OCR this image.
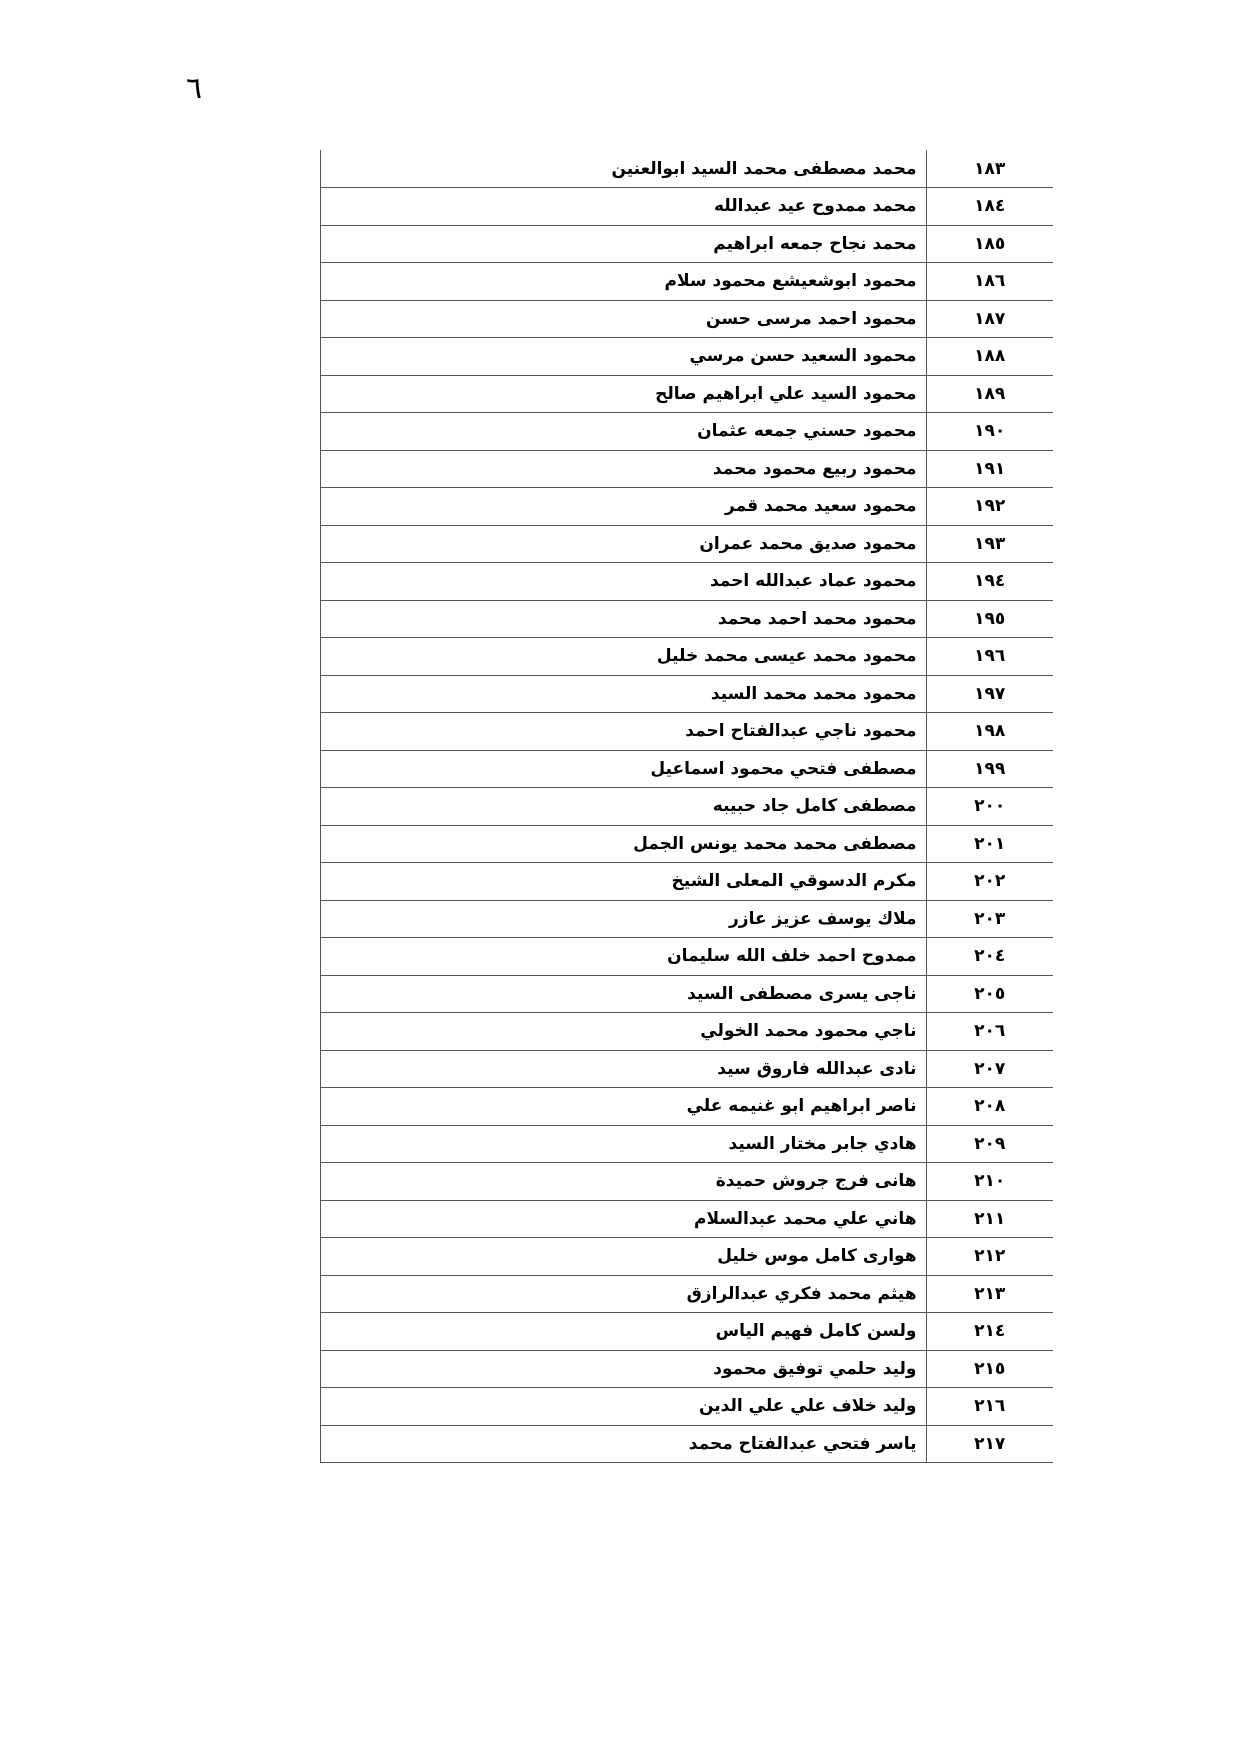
٦
١٨٣	محمد مصطفى محمد السيد ابوالعنين
١٨٤	محمد ممدوح عيد عبدالله
١٨٥	محمد نجاح جمعه ابراهيم
١٨٦	محمود ابوشعيشع محمود سلام
١٨٧	محمود احمد مرسى حسن
١٨٨	محمود السعيد حسن مرسي
١٨٩	محمود السيد علي ابراهيم صالح
١٩٠	محمود حسني جمعه عثمان
١٩١	محمود ربيع محمود محمد
١٩٢	محمود سعيد محمد قمر
١٩٣	محمود صديق محمد عمران
١٩٤	محمود عماد عبدالله احمد
١٩٥	محمود محمد احمد محمد
١٩٦	محمود محمد عيسى محمد خليل
١٩٧	محمود محمد محمد السيد
١٩٨	محمود ناجي عبدالفتاح احمد
١٩٩	مصطفى فتحي محمود اسماعيل
٢٠٠	مصطفى كامل جاد حبيبه
٢٠١	مصطفى محمد محمد يونس الجمل
٢٠٢	مكرم الدسوقي المعلى الشيخ
٢٠٣	ملاك يوسف عزيز عازر
٢٠٤	ممدوح احمد خلف الله سليمان
٢٠٥	ناجى يسرى مصطفى السيد
٢٠٦	ناجي محمود محمد الخولي
٢٠٧	نادى عبدالله فاروق سيد
٢٠٨	ناصر ابراهيم ابو غنيمه علي
٢٠٩	هادي جابر مختار السيد
٢١٠	هانى فرج جروش حميدة
٢١١	هاني علي محمد عبدالسلام
٢١٢	هوارى كامل موس خليل
٢١٣	هيثم محمد فكري عبدالرازق
٢١٤	ولسن كامل فهيم الياس
٢١٥	وليد حلمي توفيق محمود
٢١٦	وليد خلاف علي علي الدين
٢١٧	ياسر فتحي عبدالفتاح محمد
